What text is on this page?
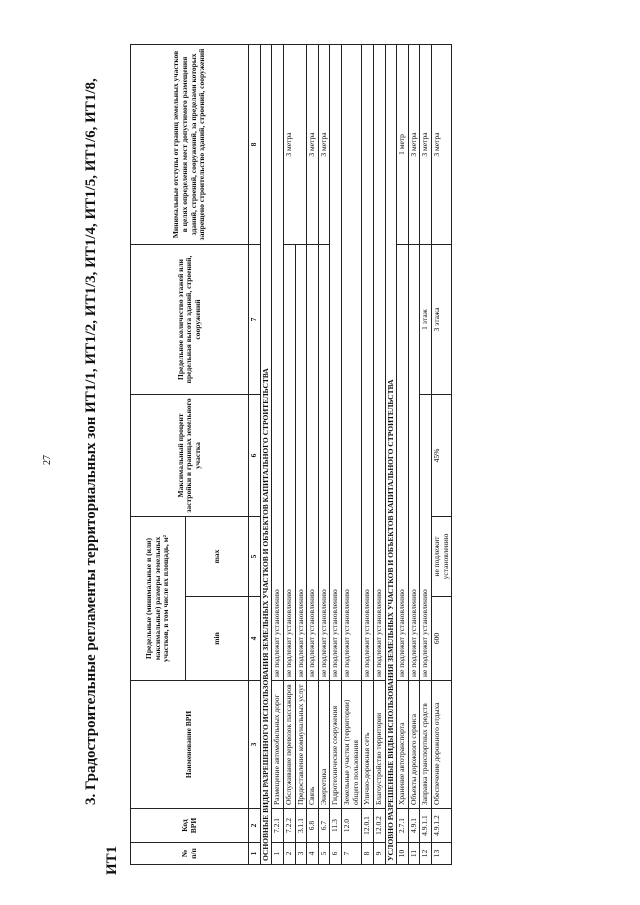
27 3. Градостроительные регламенты территориальных зон ИТ1/1, ИТ1/2, ИТ1/3, ИТ1/4, ИТ1/5, ИТ1/6, ИТ1/8,
ИТ1	№ п/п	Код ВРИ	Наименование ВРИ	Предельные (минимальные и (или) максимальные) размеры земельных участков, в том числе их площадь, м²		Максимальный процент застройки в границах земельного участка	Предельное количество этажей или предельная высота зданий, строений, сооружений	Минимальные отступы от границ земельных участков в целях определения мест допустимого размещения зданий, строений, сооружений, за пределами которых запрещено строительство зданий, строений, сооружений
			min	max			
1	2	3	4	5	6	7	8
ОСНОВНЫЕ ВИДЫ РАЗРЕШЕННОГО ИСПОЛЬЗОВАНИЯ ЗЕМЕЛЬНЫХ УЧАСТКОВ И ОБЪЕКТОВ КАПИТАЛЬНОГО СТРОИТЕЛЬСТВА							
1	7.2.1	Размещение автомобильных дорог	не подлежит установлению				
2	7.2.2	Обслуживание перевозок пассажиров	не подлежит установлению				3 метра
3	3.1.1	Предоставление коммунальных услуг	не подлежит установлению				
4	6.8	Связь	не подлежит установлению				3 метра
5	6.7	Энергетика	не подлежит установлению				3 метра
6	11.3	Гидротехнические сооружения	не подлежит установлению				
7	12.0	Земельные участки (территории) общего пользования	не подлежит установлению				
8	12.0.1	Улично-дорожная сеть	не подлежит установлению				
9	12.0.2	Благоустройство территории	не подлежит установлению				
УСЛОВНО РАЗРЕШЕННЫЕ ВИДЫ ИСПОЛЬЗОВАНИЯ ЗЕМЕЛЬНЫХ УЧАСТКОВ И ОБЪЕКТОВ КАПИТАЛЬНОГО СТРОИТЕЛЬСТВА							
10	2.7.1	Хранение автотранспорта	не подлежит установлению				1 метр
11	4.9.1	Объекты дорожного сервиса	не подлежит установлению				3 метра
12	4.9.1.1	Заправка транспортных средств	не подлежит установлению			1 этаж	3 метра
13	4.9.1.2	Обеспечение дорожного отдыха	600	не подлежит установлению	45%	3 этажа	3 метра
